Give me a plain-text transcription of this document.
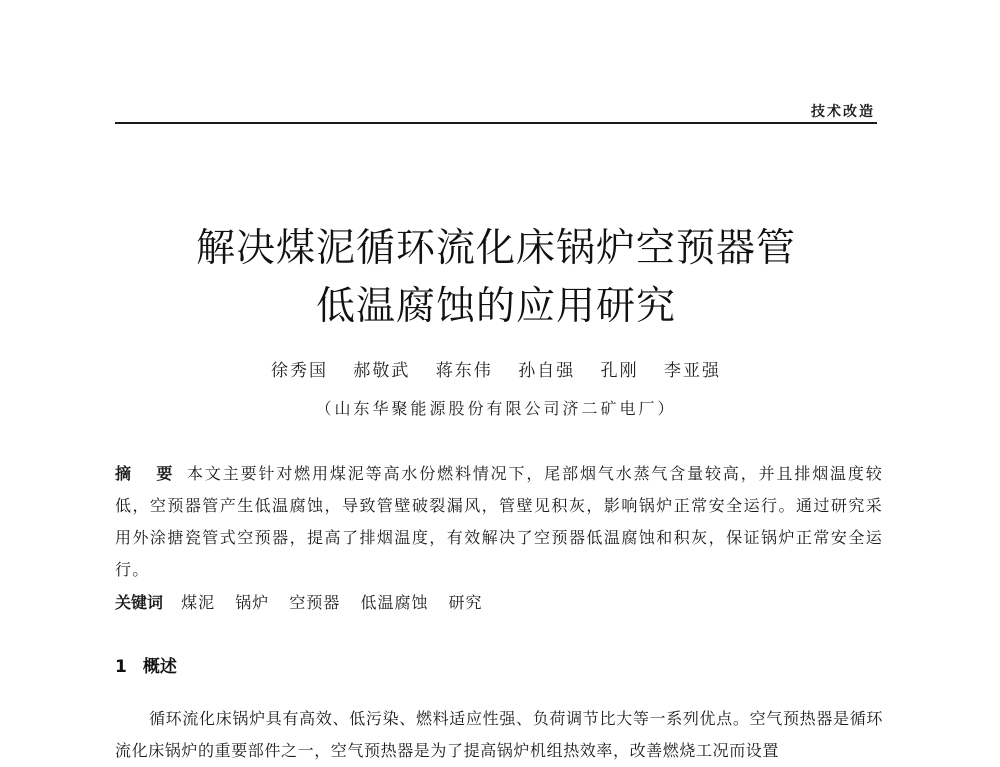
技术改造
解决煤泥循环流化床锅炉空预器管
低温腐蚀的应用研究
徐秀国 郝敬武 蒋东伟 孙自强 孔刚 李亚强
（山东华聚能源股份有限公司济二矿电厂）
摘　要 本文主要针对燃用煤泥等高水份燃料情况下，尾部烟气水蒸气含量较高，并且排烟温度较低，空预器管产生低温腐蚀，导致管壁破裂漏风，管壁见积灰，影响锅炉正常安全运行。通过研究采用外涂搪瓷管式空预器，提高了排烟温度，有效解决了空预器低温腐蚀和积灰，保证锅炉正常安全运行。
关键词 煤泥 锅炉 空预器 低温腐蚀 研究
1 概述

循环流化床锅炉具有高效、低污染、燃料适应性强、负荷调节比大等一系列优点。空气预热器是循环流化床锅炉的重要部件之一，空气预热器是为了提高锅炉机组热效率，改善燃烧工况而设置
